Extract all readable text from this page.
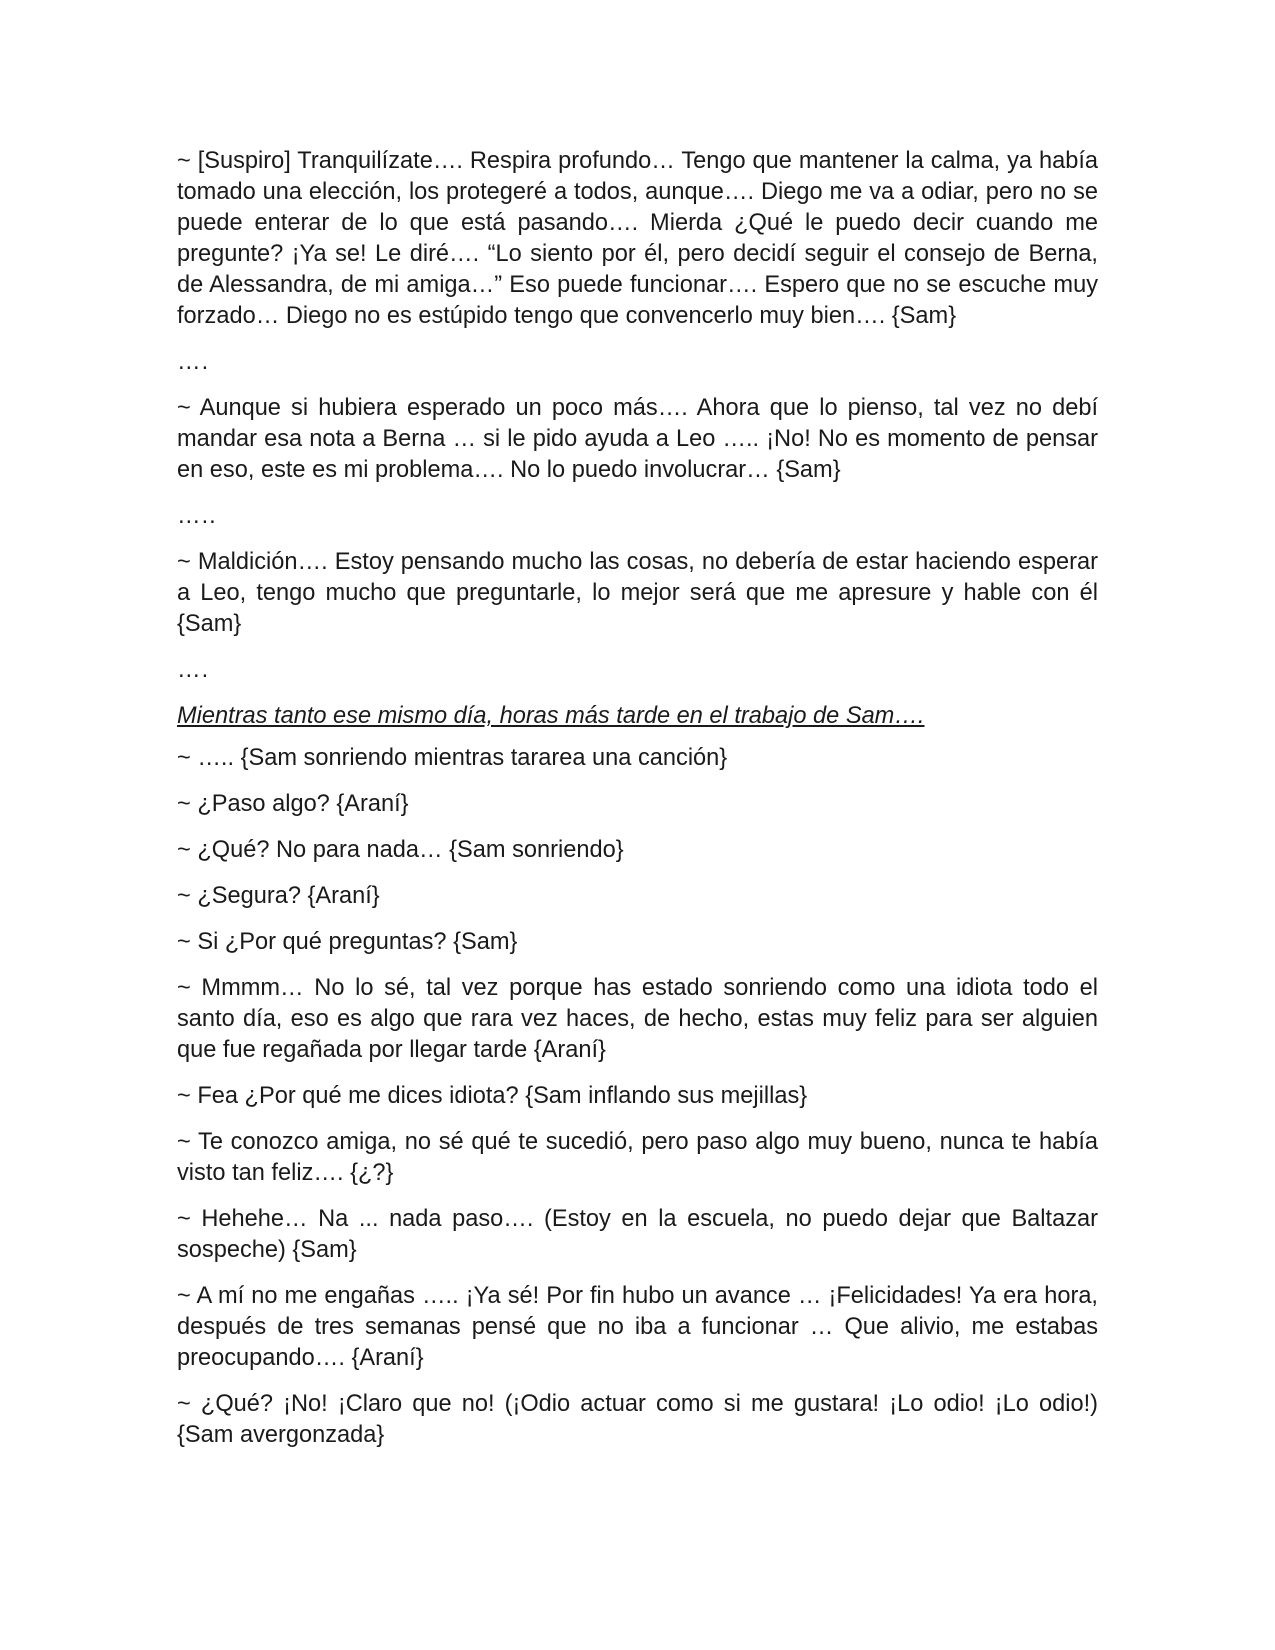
~ [Suspiro] Tranquilízate…. Respira profundo… Tengo que mantener la calma, ya había tomado una elección, los protegeré a todos, aunque…. Diego me va a odiar, pero no se puede enterar de lo que está pasando…. Mierda ¿Qué le puedo decir cuando me pregunte? ¡Ya se! Le diré…. “Lo siento por él, pero decidí seguir el consejo de Berna, de Alessandra, de mi amiga…” Eso puede funcionar…. Espero que no se escuche muy forzado… Diego no es estúpido tengo que convencerlo muy bien…. {Sam}

….

~ Aunque si hubiera esperado un poco más…. Ahora que lo pienso, tal vez no debí mandar esa nota a Berna … si le pido ayuda a Leo ….. ¡No! No es momento de pensar en eso, este es mi problema…. No lo puedo involucrar… {Sam}

…..

~ Maldición…. Estoy pensando mucho las cosas, no debería de estar haciendo esperar a Leo, tengo mucho que preguntarle, lo mejor será que me apresure y hable con él {Sam}

….

Mientras tanto ese mismo día, horas más tarde en el trabajo de Sam….

~ ….. {Sam sonriendo mientras tararea una canción}

~ ¿Paso algo? {Araní}

~ ¿Qué? No para nada… {Sam sonriendo}

~ ¿Segura? {Araní}

~ Si ¿Por qué preguntas? {Sam}

~ Mmmm… No lo sé, tal vez porque has estado sonriendo como una idiota todo el santo día, eso es algo que rara vez haces, de hecho, estas muy feliz para ser alguien que fue regañada por llegar tarde {Araní}

~ Fea ¿Por qué me dices idiota? {Sam inflando sus mejillas}

~ Te conozco amiga, no sé qué te sucedió, pero paso algo muy bueno, nunca te había visto tan feliz…. {¿?}

~ Hehehe… Na ... nada paso…. (Estoy en la escuela, no puedo dejar que Baltazar sospeche) {Sam}

~ A mí no me engañas ….. ¡Ya sé! Por fin hubo un avance … ¡Felicidades! Ya era hora, después de tres semanas pensé que no iba a funcionar … Que alivio, me estabas preocupando…. {Araní}

~ ¿Qué? ¡No! ¡Claro que no! (¡Odio actuar como si me gustara! ¡Lo odio! ¡Lo odio!) {Sam avergonzada}
